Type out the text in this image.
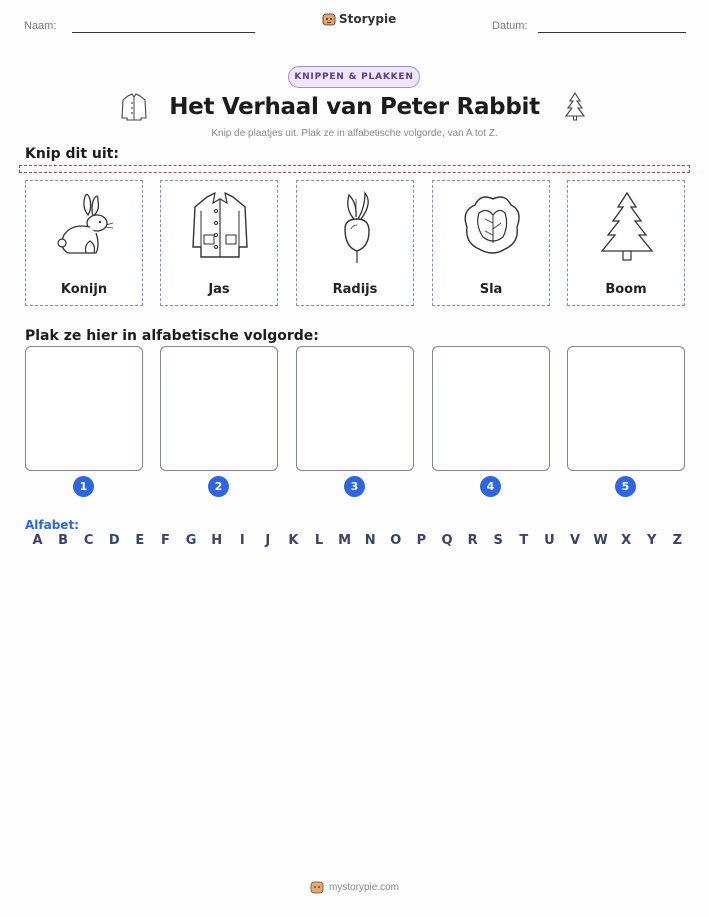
Naam:	Storypie	Datum:
KNIPPEN & PLAKKEN
Het Verhaal van Peter Rabbit
Knip de plaatjes uit. Plak ze in alfabetische volgorde, van A tot Z.
Knip dit uit:
Konijn	Jas	Radijs	Sla	Boom
Plak ze hier in alfabetische volgorde:
1	2	3	4	5
Alfabet:
A	B	C	D	E	F	G	H	I	J	K	L	M	N	O	P	Q	R	S	T	U	V	W	X	Y	Z
mystorypie.com
